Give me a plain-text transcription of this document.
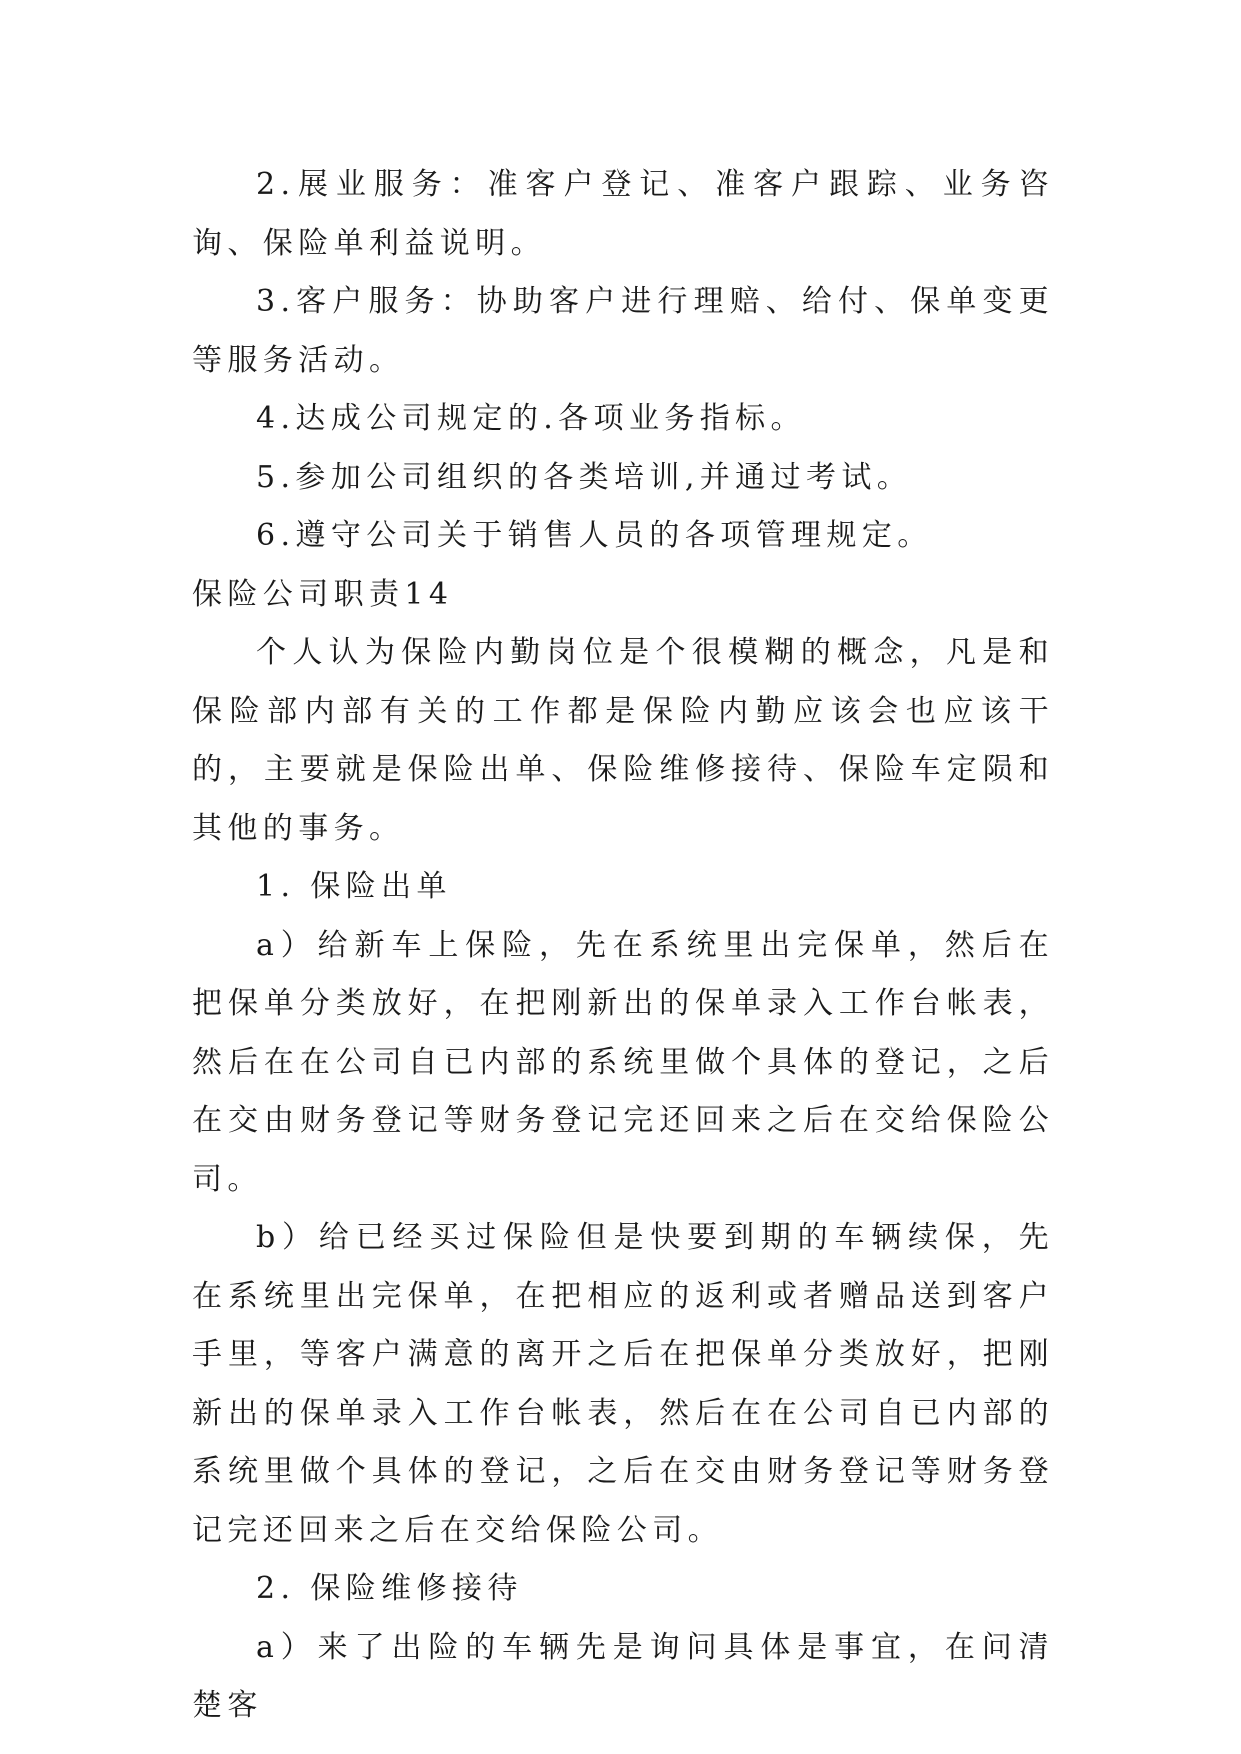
2.展业服务：准客户登记、准客户跟踪、业务咨询、保险单利益说明。

3.客户服务：协助客户进行理赔、给付、保单变更等服务活动。

4.达成公司规定的.各项业务指标。

5.参加公司组织的各类培训,并通过考试。

6.遵守公司关于销售人员的各项管理规定。

保险公司职责14

个人认为保险内勤岗位是个很模糊的概念，凡是和保险部内部有关的工作都是保险内勤应该会也应该干的，主要就是保险出单、保险维修接待、保险车定陨和其他的事务。

1. 保险出单

a）给新车上保险，先在系统里出完保单，然后在把保单分类放好，在把刚新出的保单录入工作台帐表，然后在在公司自已内部的系统里做个具体的登记，之后在交由财务登记等财务登记完还回来之后在交给保险公司。

b）给已经买过保险但是快要到期的车辆续保，先在系统里出完保单，在把相应的返利或者赠品送到客户手里，等客户满意的离开之后在把保单分类放好，把刚新出的保单录入工作台帐表，然后在在公司自已内部的系统里做个具体的登记，之后在交由财务登记等财务登记完还回来之后在交给保险公司。

2. 保险维修接待

a）来了出险的车辆先是询问具体是事宜，在问清楚客
